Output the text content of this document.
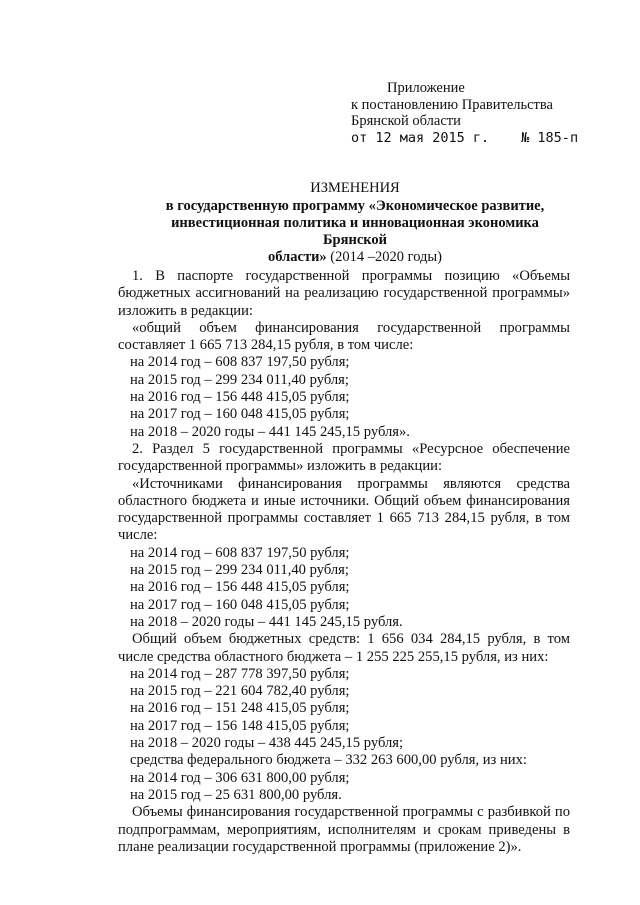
Приложение
к постановлению Правительства
Брянской области
от 12 мая 2015 г. № 185-п
ИЗМЕНЕНИЯ
в государственную программу «Экономическое развитие,
инвестиционная политика и инновационная экономика Брянской
области» (2014 –2020 годы)

1. В паспорте государственной программы позицию «Объемы бюджетных ассигнований на реализацию государственной программы» изложить в редакции:

«общий объем финансирования государственной программы составляет 1 665 713 284,15 рубля, в том числе:

на 2014 год – 608 837 197,50 рубля;
на 2015 год – 299 234 011,40 рубля;
на 2016 год – 156 448 415,05 рубля;
на 2017 год – 160 048 415,05 рубля;
на 2018 – 2020 годы – 441 145 245,15 рубля».

2. Раздел 5 государственной программы «Ресурсное обеспечение государственной программы» изложить в редакции:

«Источниками финансирования программы являются средства областного бюджета и иные источники. Общий объем финансирования государственной программы составляет 1 665 713 284,15 рубля, в том числе:

на 2014 год – 608 837 197,50 рубля;
на 2015 год – 299 234 011,40 рубля;
на 2016 год – 156 448 415,05 рубля;
на 2017 год – 160 048 415,05 рубля;
на 2018 – 2020 годы – 441 145 245,15 рубля.

Общий объем бюджетных средств: 1 656 034 284,15 рубля, в том числе средства областного бюджета – 1 255 225 255,15 рубля, из них:

на 2014 год – 287 778 397,50 рубля;
на 2015 год – 221 604 782,40 рубля;
на 2016 год – 151 248 415,05 рубля;
на 2017 год – 156 148 415,05 рубля;
на 2018 – 2020 годы – 438 445 245,15 рубля;

средства федерального бюджета – 332 263 600,00 рубля, из них:

на 2014 год – 306 631 800,00 рубля;
на 2015 год – 25 631 800,00 рубля.

Объемы финансирования государственной программы с разбивкой по подпрограммам, мероприятиям, исполнителям и срокам приведены в плане реализации государственной программы (приложение 2)».
